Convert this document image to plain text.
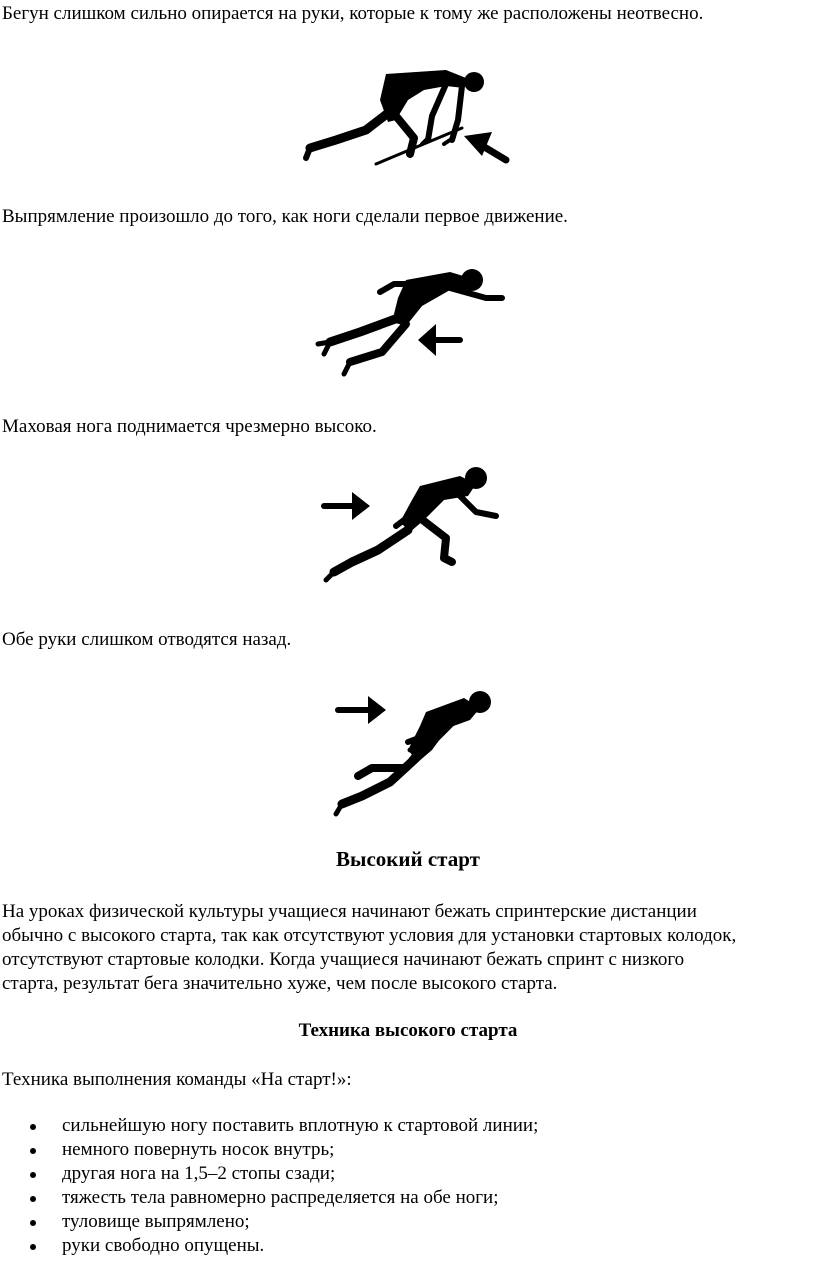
Бегун слишком сильно опирается на руки, которые к тому же расположены неотвесно.
Выпрямление произошло до того, как ноги сделали первое движение.
Маховая нога поднимается чрезмерно высоко.
Обе руки слишком отводятся назад.
Высокий старт
На уроках физической культуры учащиеся начинают бежать спринтерские дистанции
обычно с высокого старта, так как отсутствуют условия для установки стартовых колодок,
отсутствуют стартовые колодки. Когда учащиеся начинают бежать спринт с низкого
старта, результат бега значительно хуже, чем после высокого старта.
Техника высокого старта
Техника выполнения команды «На старт!»:
сильнейшую ногу поставить вплотную к стартовой линии;
немного повернуть носок внутрь;
другая нога на 1,5–2 стопы сзади;
тяжесть тела равномерно распределяется на обе ноги;
туловище выпрямлено;
руки свободно опущены.
